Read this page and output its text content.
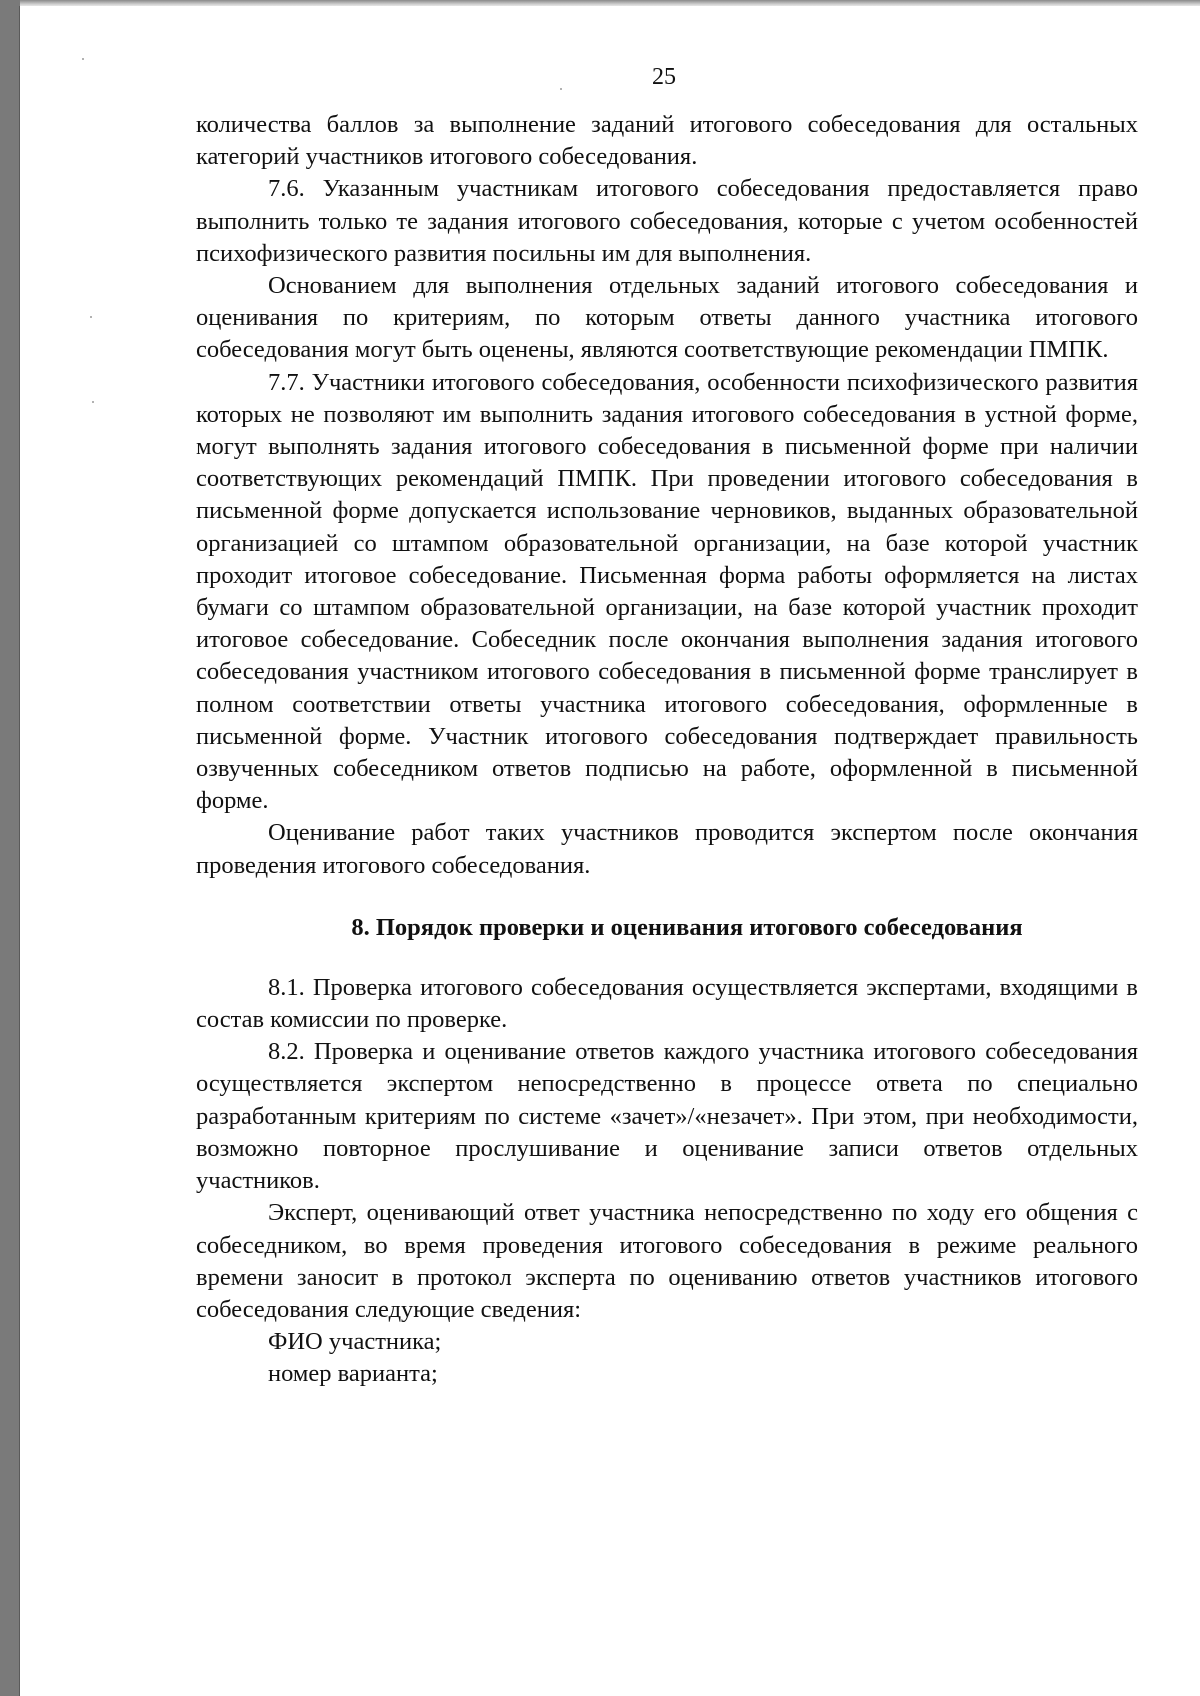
25

количества баллов за выполнение заданий итогового собеседования для остальных категорий участников итогового собеседования.

7.6. Указанным участникам итогового собеседования предоставляется право выполнить только те задания итогового собеседования, которые с учетом особенностей психофизического развития посильны им для выполнения.

Основанием для выполнения отдельных заданий итогового собеседования и оценивания по критериям, по которым ответы данного участника итогового собеседования могут быть оценены, являются соответствующие рекомендации ПМПК.

7.7. Участники итогового собеседования, особенности психофизического развития которых не позволяют им выполнить задания итогового собеседования в устной форме, могут выполнять задания итогового собеседования в письменной форме при наличии соответствующих рекомендаций ПМПК. При проведении итогового собеседования в письменной форме допускается использование черновиков, выданных образовательной организацией со штампом образовательной организации, на базе которой участник проходит итоговое собеседование. Письменная форма работы оформляется на листах бумаги со штампом образовательной организации, на базе которой участник проходит итоговое собеседование. Собеседник после окончания выполнения задания итогового собеседования участником итогового собеседования в письменной форме транслирует в полном соответствии ответы участника итогового собеседования, оформленные в письменной форме. Участник итогового собеседования подтверждает правильность озвученных собеседником ответов подписью на работе, оформленной в письменной форме.

Оценивание работ таких участников проводится экспертом после окончания проведения итогового собеседования.

8. Порядок проверки и оценивания итогового собеседования

8.1. Проверка итогового собеседования осуществляется экспертами, входящими в состав комиссии по проверке.

8.2. Проверка и оценивание ответов каждого участника итогового собеседования осуществляется экспертом непосредственно в процессе ответа по специально разработанным критериям по системе «зачет»/«незачет». При этом, при необходимости, возможно повторное прослушивание и оценивание записи ответов отдельных участников.

Эксперт, оценивающий ответ участника непосредственно по ходу его общения с собеседником, во время проведения итогового собеседования в режиме реального времени заносит в протокол эксперта по оцениванию ответов участников итогового собеседования следующие сведения:

ФИО участника;

номер варианта;
